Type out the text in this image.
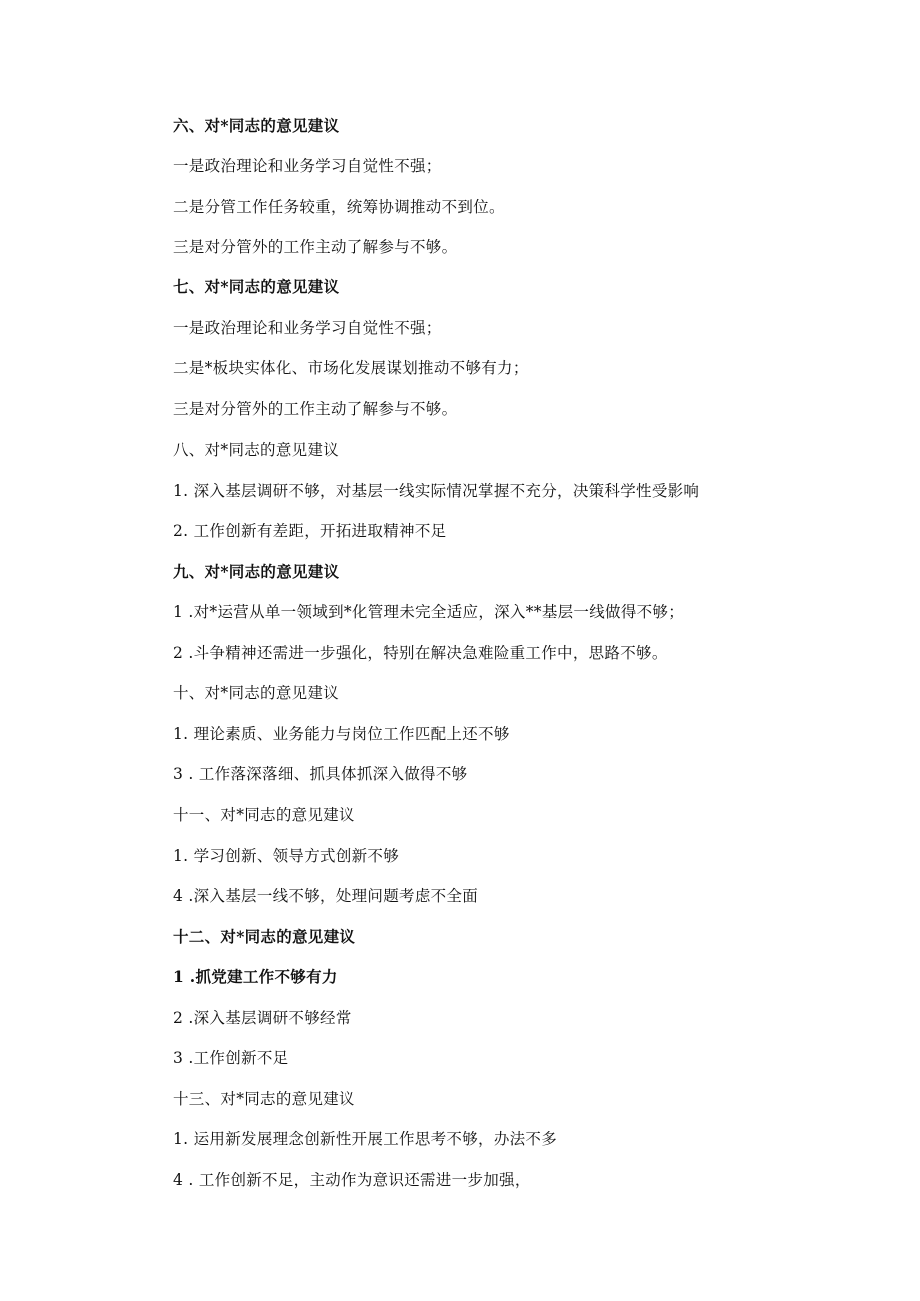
六、对*同志的意见建议
一是政治理论和业务学习自觉性不强；
二是分管工作任务较重，统筹协调推动不到位。
三是对分管外的工作主动了解参与不够。
七、对*同志的意见建议
一是政治理论和业务学习自觉性不强；
二是*板块实体化、市场化发展谋划推动不够有力；
三是对分管外的工作主动了解参与不够。
八、对*同志的意见建议
1. 深入基层调研不够，对基层一线实际情况掌握不充分，决策科学性受影响
2. 工作创新有差距，开拓进取精神不足
九、对*同志的意见建议
1 .对*运营从单一领域到*化管理未完全适应，深入**基层一线做得不够；
2 .斗争精神还需进一步强化，特别在解决急难险重工作中，思路不够。
十、对*同志的意见建议
1. 理论素质、业务能力与岗位工作匹配上还不够
3 . 工作落深落细、抓具体抓深入做得不够
十一、对*同志的意见建议
1. 学习创新、领导方式创新不够
4 .深入基层一线不够，处理问题考虑不全面
十二、对*同志的意见建议
1 .抓党建工作不够有力
2 .深入基层调研不够经常
3 .工作创新不足
十三、对*同志的意见建议
1. 运用新发展理念创新性开展工作思考不够，办法不多
4 . 工作创新不足，主动作为意识还需进一步加强，
